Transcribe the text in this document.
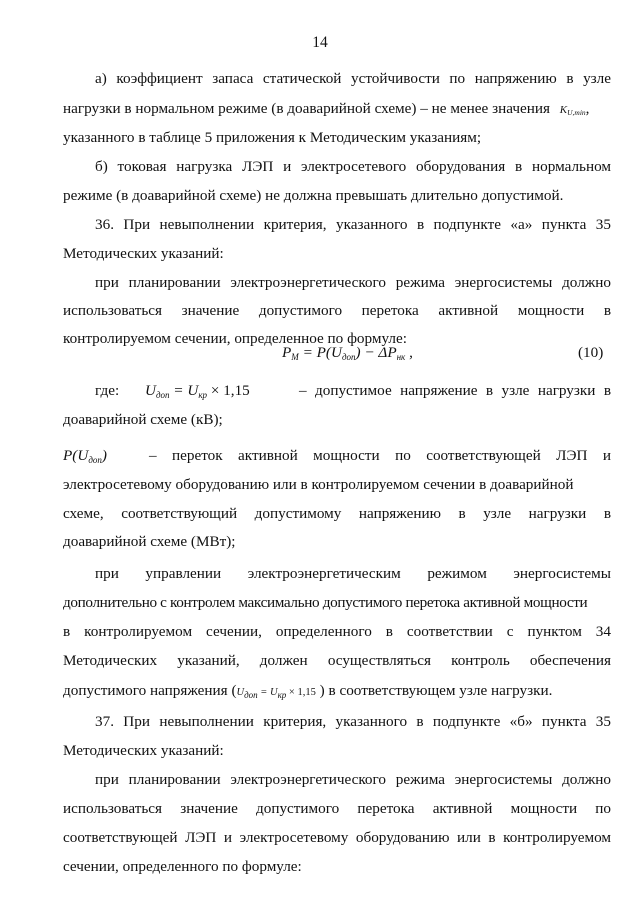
14
а) коэффициент запаса статической устойчивости по напряжению в узле
нагрузки в нормальном режиме (в доаварийной схеме) – не менее значения $K_{U,min}$,
указанного в таблице 5 приложения к Методическим указаниям;
б) токовая нагрузка ЛЭП и электросетевого оборудования в нормальном
режиме (в доаварийной схеме) не должна превышать длительно допустимой.
36. При невыполнении критерия, указанного в подпункте «а» пункта 35
Методических указаний:
при планировании электроэнергетического режима энергосистемы должно
использоваться значение допустимого перетока активной мощности в
контролируемом сечении, определенное по формуле:
$P_М = P(U_{доп}) - \Delta P_{нк}$ ,	(10)
где: $U_{доп} = U_{кр} \times 1,15$	– допустимое напряжение в узле нагрузки в
доаварийной схеме (кВ);
$P(U_{доп})$	– переток активной мощности по соответствующей ЛЭП и
электросетевому оборудованию или в контролируемом сечении в доаварийной
схеме, соответствующий допустимому напряжению в узле нагрузки в
доаварийной схеме (МВт);
при управлении электроэнергетическим режимом энергосистемы
дополнительно с контролем максимально допустимого перетока активной мощности
в контролируемом сечении, определенного в соответствии с пунктом 34
Методических указаний, должен осуществляться контроль обеспечения
допустимого напряжения ($U_{доп} = U_{кр} \times 1,15$ ) в соответствующем узле нагрузки.
37. При невыполнении критерия, указанного в подпункте «б» пункта 35
Методических указаний:
при планировании электроэнергетического режима энергосистемы должно
использоваться значение допустимого перетока активной мощности по
соответствующей ЛЭП и электросетевому оборудованию или в контролируемом
сечении, определенного по формуле:
